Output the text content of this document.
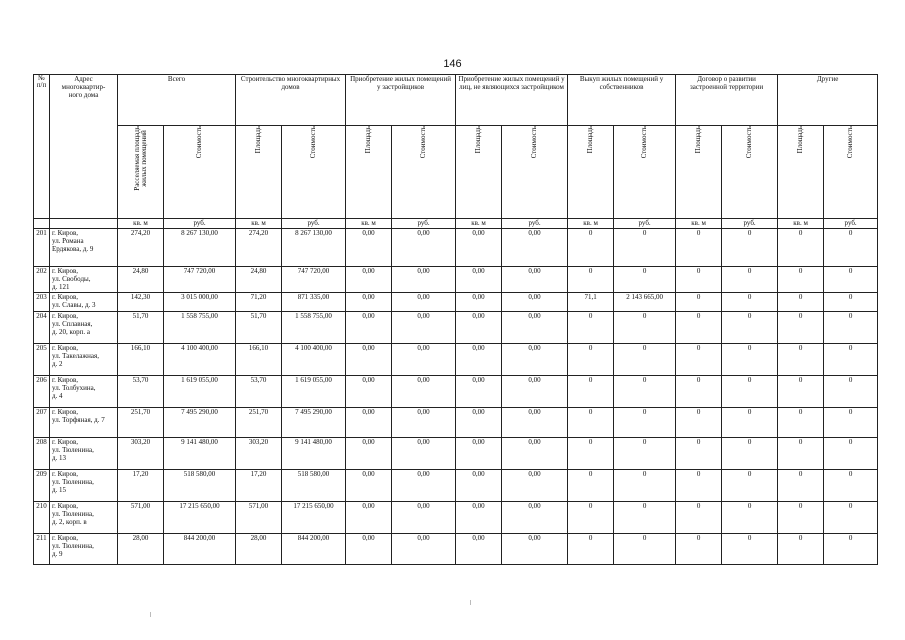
146
№
п/п	Адрес
многоквартир-
ного дома	Всего		Строительство многоквартирных домов		Приобретение жилых помещений у застройщиков		Приобретение жилых помещений у лиц, не являющихся застройщиком		Выкуп жилых помещений у собственников		Договор о развитии застроенной территории		Другие	
		Расселяемая площадь
жилых помещений	Стоимость	Площадь	Стоимость	Площадь	Стоимость	Площадь	Стоимость	Площадь	Стоимость	Площадь	Стоимость	Площадь	Стоимость
		кв. м	руб.	кв. м	руб.	кв. м	руб.	кв. м	руб.	кв. м	руб.	кв. м	руб.	кв. м	руб.
201	г. Киров,
ул. Романа
Ердякова, д. 9	274,20	8 267 130,00	274,20	8 267 130,00	0,00	0,00	0,00	0,00	0	0	0	0	0	0
202	г. Киров,
ул. Свободы,
д. 121	24,80	747 720,00	24,80	747 720,00	0,00	0,00	0,00	0,00	0	0	0	0	0	0
203	г. Киров,
ул. Славы, д. 3	142,30	3 015 000,00	71,20	871 335,00	0,00	0,00	0,00	0,00	71,1	2 143 665,00	0	0	0	0
204	г. Киров,
ул. Сплавная,
д. 20, корп. а	51,70	1 558 755,00	51,70	1 558 755,00	0,00	0,00	0,00	0,00	0	0	0	0	0	0
205	г. Киров,
ул. Такелажная,
д. 2	166,10	4 100 400,00	166,10	4 100 400,00	0,00	0,00	0,00	0,00	0	0	0	0	0	0
206	г. Киров,
ул. Толбухина,
д. 4	53,70	1 619 055,00	53,70	1 619 055,00	0,00	0,00	0,00	0,00	0	0	0	0	0	0
207	г. Киров,
ул. Торфяная, д. 7	251,70	7 495 290,00	251,70	7 495 290,00	0,00	0,00	0,00	0,00	0	0	0	0	0	0
208	г. Киров,
ул. Тюленина,
д. 13	303,20	9 141 480,00	303,20	9 141 480,00	0,00	0,00	0,00	0,00	0	0	0	0	0	0
209	г. Киров,
ул. Тюленина,
д. 15	17,20	518 580,00	17,20	518 580,00	0,00	0,00	0,00	0,00	0	0	0	0	0	0
210	г. Киров,
ул. Тюленина,
д. 2, корп. в	571,00	17 215 650,00	571,00	17 215 650,00	0,00	0,00	0,00	0,00	0	0	0	0	0	0
211	г. Киров,
ул. Тюленина,
д. 9	28,00	844 200,00	28,00	844 200,00	0,00	0,00	0,00	0,00	0	0	0	0	0	0
